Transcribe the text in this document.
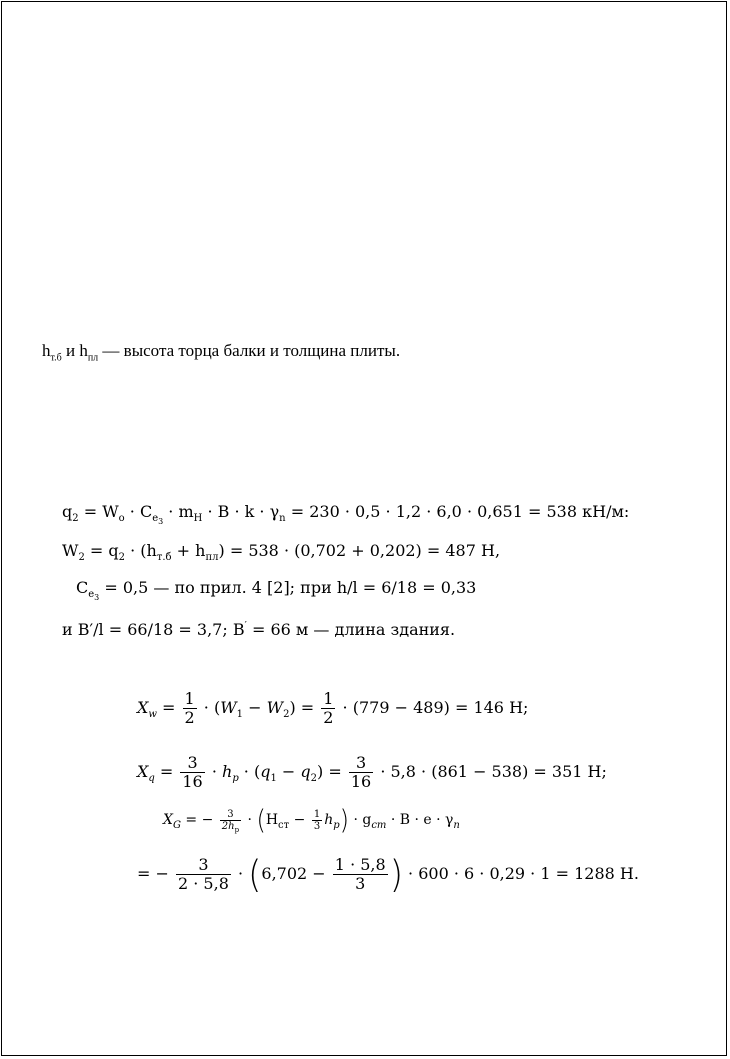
$h_{т.б}$ и $h_{пл}$ — высота торца балки и толщина плиты.
$q_2 = W_o \cdot C_{e_3} \cdot m_H \cdot B \cdot k \cdot \gamma_n = 230 \cdot 0,5 \cdot 1,2 \cdot 6,0 \cdot 0,651 = 538$ кН/м:
$W_2 = q_2 \cdot (h_{т.б} + h_{пл}) = 538 \cdot (0,702 + 0,202) = 487$ Н,
$C_{e_3} = 0,5$ — по прил. 4 [2]; при h/l = 6/18 = 0,33
и B′/l = 66/18 = 3,7; B′ = 66 м — длина здания.
$X_w = \frac{1}{2} \cdot (W_1 - W_2) = \frac{1}{2} \cdot (779 - 489) = 146$ Н;
$X_q = \frac{3}{16} \cdot h_p \cdot (q_1 - q_2) = \frac{3}{16} \cdot 5,8 \cdot (861 - 538) = 351$ Н;
$X_G$ = − $\frac{3}{2h_p} \cdot (H_{ст} - \frac{1}{3} h_p) \cdot g_{ст} \cdot B \cdot e \cdot \gamma_n$
= − $\frac{3}{2 \cdot 5,8} \cdot (6,702 - \frac{1 \cdot 5,8}{3}$ ) · 600 · 6 · 0,29 · 1 = 1288 Н.
